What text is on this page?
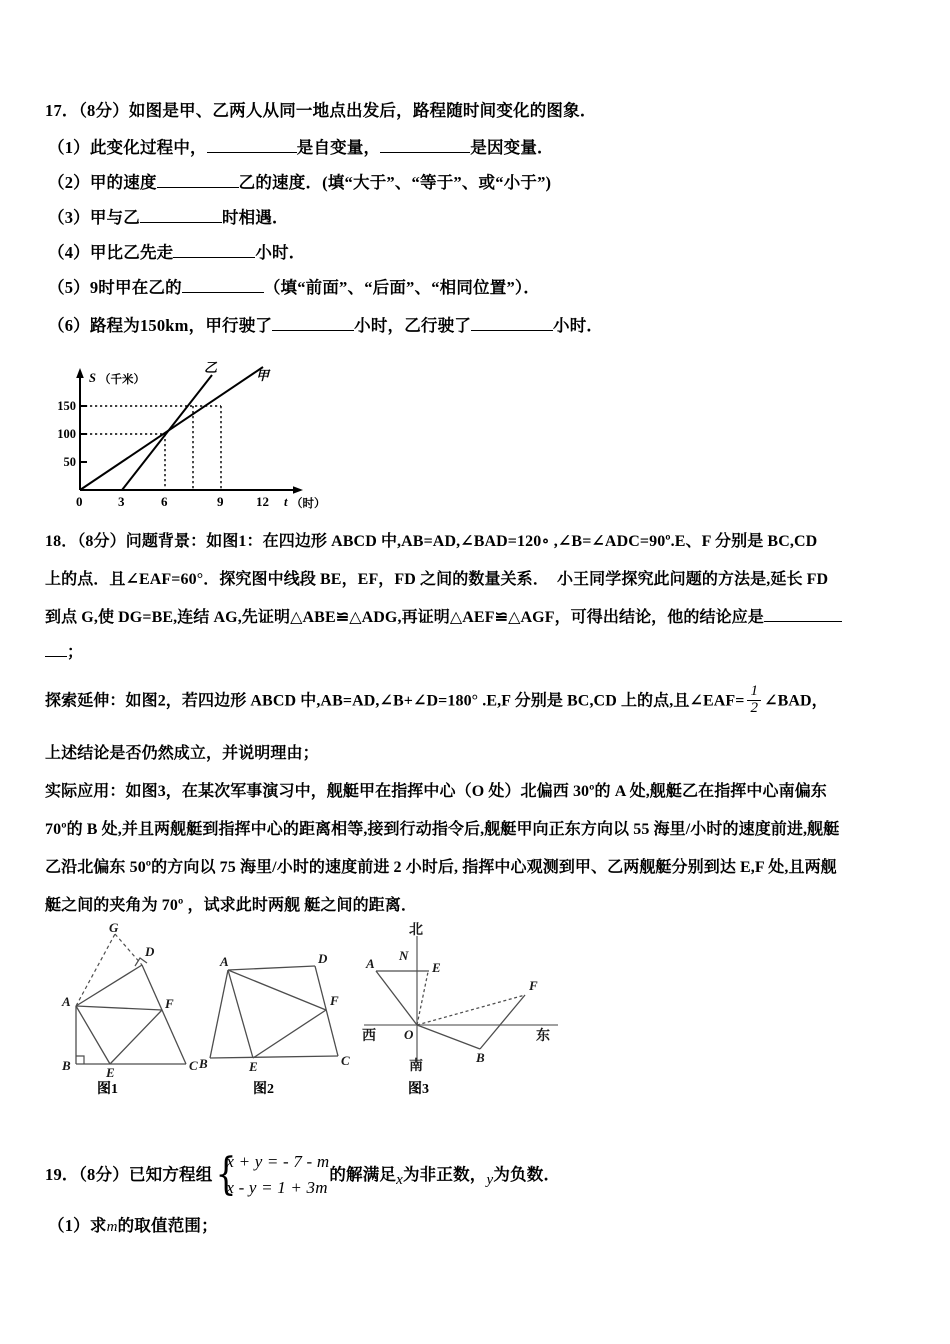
17．（8分）如图是甲、乙两人从同一地点出发后，路程随时间变化的图象．
（1）此变化过程中，	是自变量，	是因变量．
（2）甲的速度	乙的速度．(填“大于”、“等于”、或“小于”)
（3）甲与乙	时相遇．
（4）甲比乙先走	小时．
（5）9时甲在乙的	（填“前面”、“后面”、“相同位置”）．
（6）路程为150km，甲行驶了	小时，乙行驶了	小时．
S （千米）
150
100
50
0	3	6	9	12 t （时）
乙
甲
18．（8分）问题背景：如图1：在四边形 ABCD 中,AB=AD,∠BAD=120∘ ,∠B=∠ADC=90º.E、F 分别是 BC,CD
上的点．且∠EAF=60°．探究图中线段 BE，EF，FD 之间的数量关系．　小王同学探究此问题的方法是,延长 FD
到点 G,使 DG=BE,连结 AG,先证明△ABE≌△ADG,再证明△AEF≌△AGF，可得出结论，他的结论应是
；
探索延伸：如图2，若四边形 ABCD 中,AB=AD,∠B+∠D=180° .E,F 分别是 BC,CD 上的点,且∠EAF= $\frac{1}{2}$ ∠BAD，
上述结论是否仍然成立，并说明理由；
实际应用：如图3，在某次军事演习中，舰艇甲在指挥中心（O 处）北偏西 30º的 A 处,舰艇乙在指挥中心南偏东
70º的 B 处,并且两舰艇到指挥中心的距离相等,接到行动指令后,舰艇甲向正东方向以 55 海里/小时的速度前进,舰艇
乙沿北偏东 50º的方向以 75 海里/小时的速度前进 2 小时后, 指挥中心观测到甲、乙两舰艇分别到达 E,F 处,且两舰
艇之间的夹角为 70º ，试求此时两舰 艇之间的距离．
G
D
A	F
B	E	C
图1
A	D
F
B	E	C
图2
北
南
东
西
A
N
E
O
B
F
图3
19．（8分）已知方程组 {
x + y = - 7 - m
x - y = 1 + 3m
的解满足x为非正数，y为负数．
（1）求m的取值范围；
